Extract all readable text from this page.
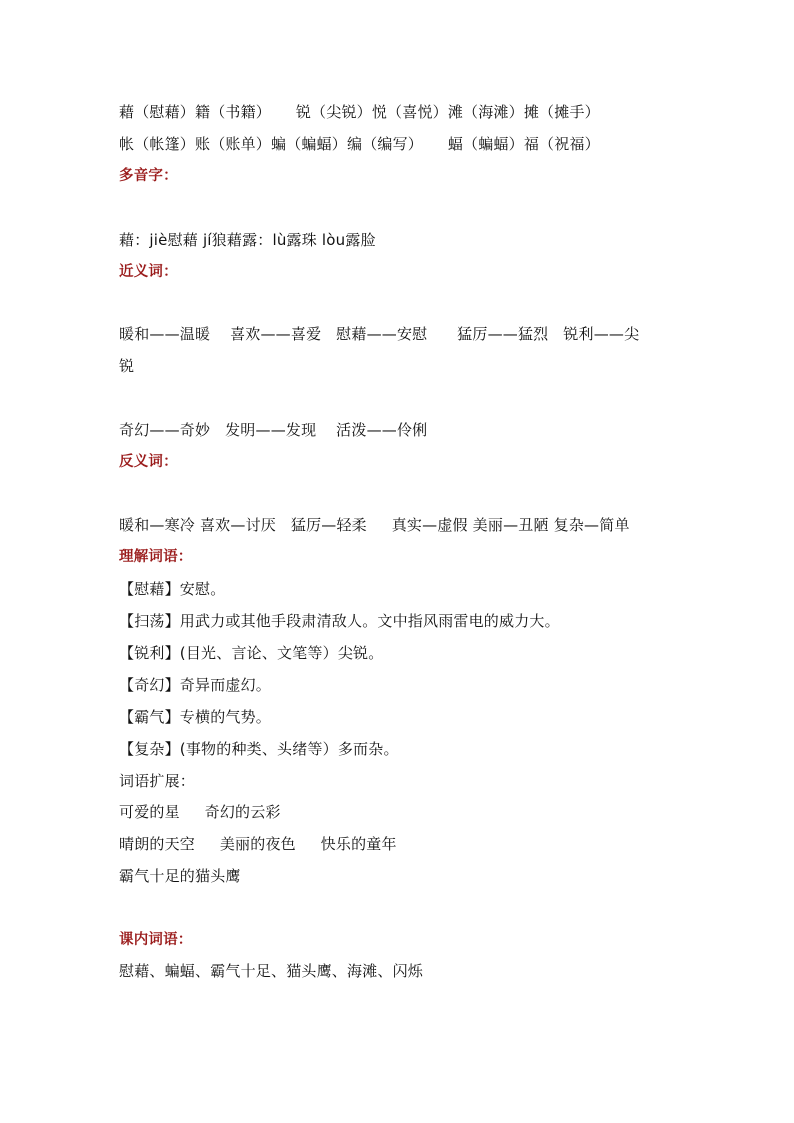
藉（慰藉）籍（书籍）     锐（尖锐）悦（喜悦）滩（海滩）摊（摊手）
帐（帐篷）账（账单）蝙（蝙蝠）编（编写）     蝠（蝙蝠）福（祝福）
多音字：
藉：jiè慰藉 jí狼藉露：lù露珠 lòu露脸
近义词：
暖和——温暖    喜欢——喜爱   慰藉——安慰      猛厉——猛烈   锐利——尖
锐
奇幻——奇妙   发明——发现    活泼——伶俐
反义词：
暖和—寒冷 喜欢—讨厌   猛厉—轻柔     真实—虚假 美丽—丑陋 复杂—简单
理解词语：
【慰藉】安慰。
【扫荡】用武力或其他手段肃清敌人。文中指风雨雷电的威力大。
【锐利】(目光、言论、文笔等）尖锐。
【奇幻】奇异而虚幻。
【霸气】专横的气势。
【复杂】(事物的种类、头绪等）多而杂。
词语扩展：
可爱的星     奇幻的云彩
晴朗的天空     美丽的夜色     快乐的童年
霸气十足的猫头鹰
课内词语：
慰藉、蝙蝠、霸气十足、猫头鹰、海滩、闪烁
